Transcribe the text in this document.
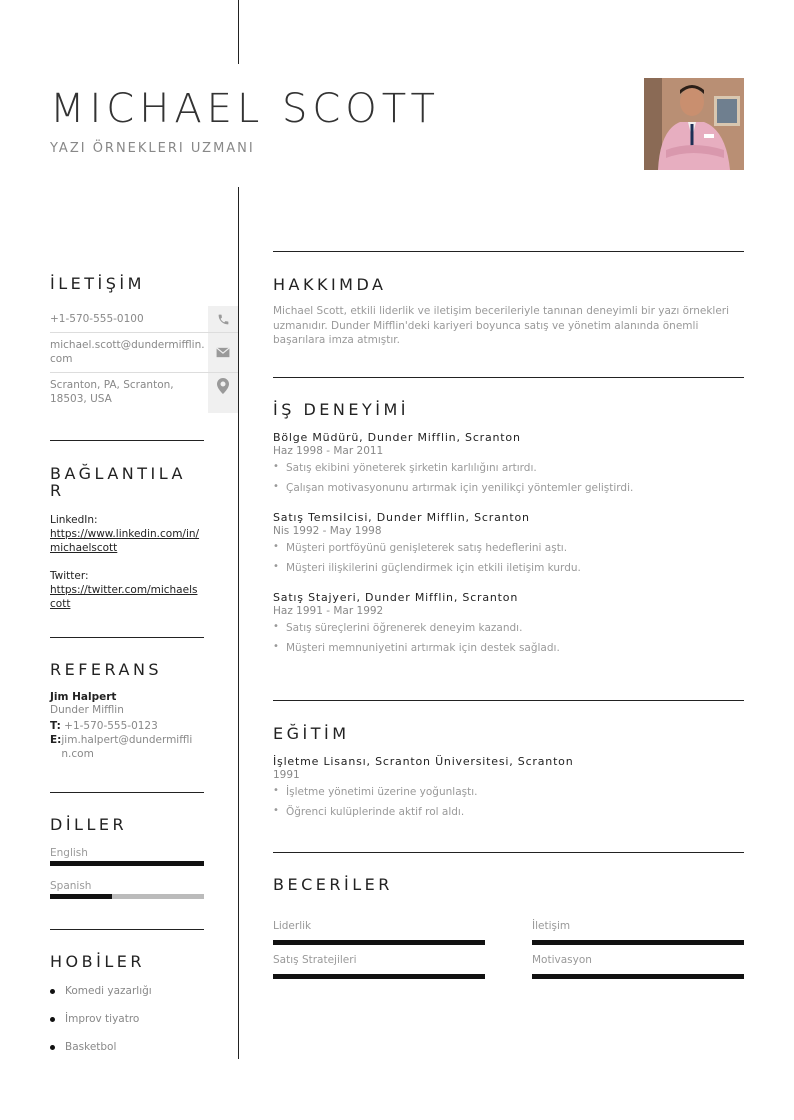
MICHAEL SCOTT
YAZI ÖRNEKLERI UZMANI
İLETİŞİM
+1-570-555-0100
michael.scott@dundermifflin.com
Scranton, PA, Scranton, 18503, USA
BAĞLANTILAR
LinkedIn:
https://www.linkedin.com/in/michaelscott
Twitter:
https://twitter.com/michaelscott
REFERANS
Jim Halpert
Dunder Mifflin
T: +1-570-555-0123
E: jim.halpert@dundermifflin.com
DİLLER
English
Spanish
HOBİLER
Komedi yazarlığı
İmprov tiyatro
Basketbol
HAKKIMDA
Michael Scott, etkili liderlik ve iletişim becerileriyle tanınan deneyimli bir yazı örnekleri uzmanıdır. Dunder Mifflin'deki kariyeri boyunca satış ve yönetim alanında önemli başarılara imza atmıştır.
İŞ DENEYİMİ
Bölge Müdürü, Dunder Mifflin, Scranton
Haz 1998 - Mar 2011
• Satış ekibini yöneterek şirketin karlılığını artırdı.
• Çalışan motivasyonunu artırmak için yenilikçi yöntemler geliştirdi.
Satış Temsilcisi, Dunder Mifflin, Scranton
Nis 1992 - May 1998
• Müşteri portföyünü genişleterek satış hedeflerini aştı.
• Müşteri ilişkilerini güçlendirmek için etkili iletişim kurdu.
Satış Stajyeri, Dunder Mifflin, Scranton
Haz 1991 - Mar 1992
• Satış süreçlerini öğrenerek deneyim kazandı.
• Müşteri memnuniyetini artırmak için destek sağladı.
EĞİTİM
İşletme Lisansı, Scranton Üniversitesi, Scranton
1991
• İşletme yönetimi üzerine yoğunlaştı.
• Öğrenci kulüplerinde aktif rol aldı.
BECERİLER
Liderlik	İletişim
Satış Stratejileri	Motivasyon
